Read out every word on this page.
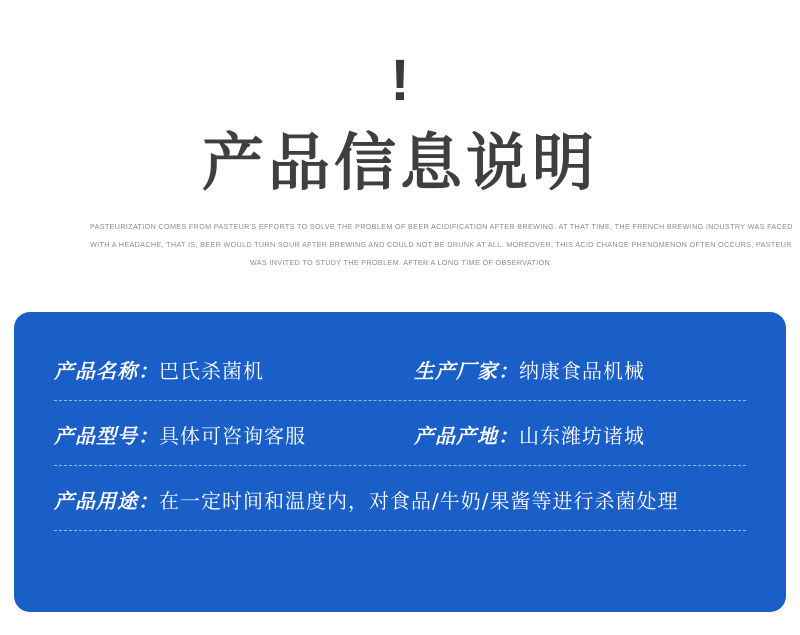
!
产品信息说明
PASTEURIZATION COMES FROM PASTEUR'S EFFORTS TO SOLVE THE PROBLEM OF BEER ACIDIFICATION AFTER BREWING. AT THAT TIME, THE FRENCH BREWING INDUSTRY WAS FACED
WITH A HEADACHE, THAT IS, BEER WOULD TURN SOUR AFTER BREWING AND COULD NOT BE DRUNK AT ALL. MOREOVER, THIS ACID CHANGE PHENOMENON OFTEN OCCURS, PASTEUR
WAS INVITED TO STUDY THE PROBLEM. AFTER A LONG TIME OF OBSERVATION
产品名称： 巴氏杀菌机	生产厂家： 纳康食品机械
产品型号： 具体可咨询客服	产品产地： 山东潍坊诸城
产品用途： 在一定时间和温度内，对食品/牛奶/果酱等进行杀菌处理
